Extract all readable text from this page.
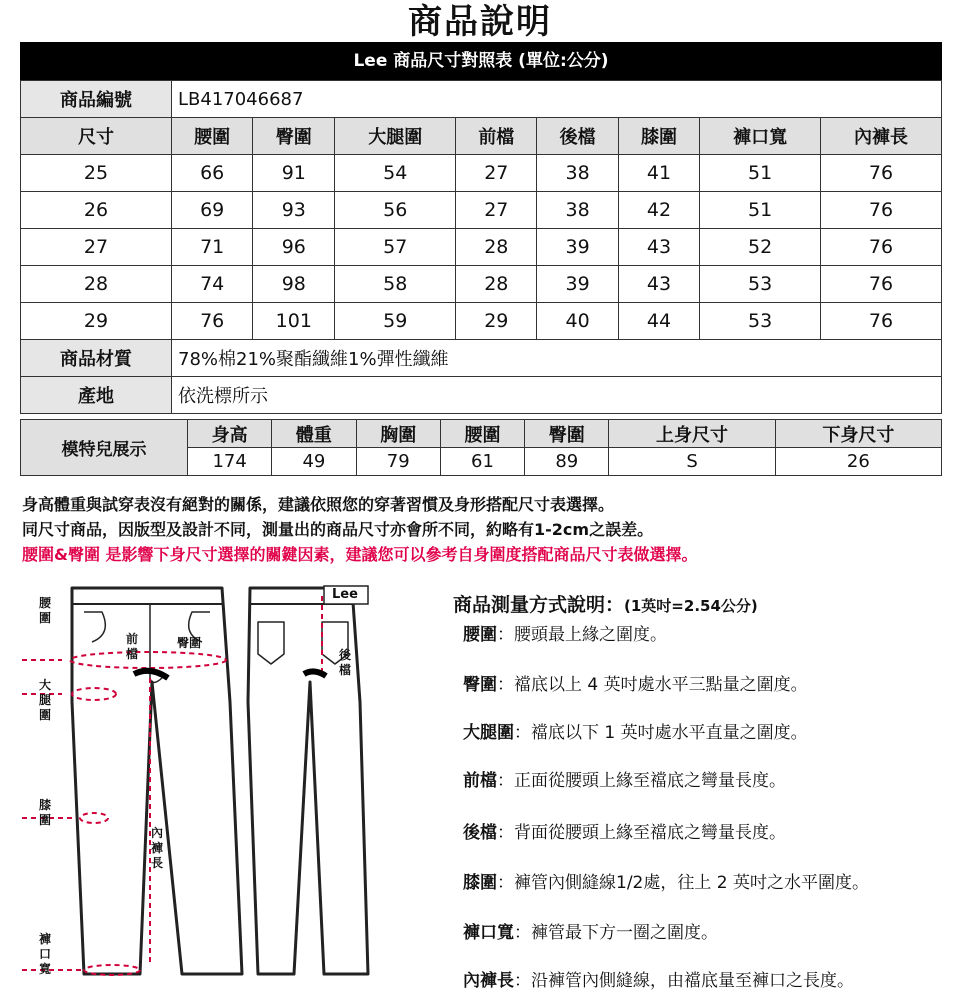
商品說明
Lee 商品尺寸對照表 (單位:公分)
商品編號	LB417046687							
尺寸	腰圍	臀圍	大腿圍	前檔	後檔	膝圍	褲口寬	內褲長
25	66	91	54	27	38	41	51	76
26	69	93	56	27	38	42	51	76
27	71	96	57	28	39	43	52	76
28	74	98	58	28	39	43	53	76
29	76	101	59	29	40	44	53	76
商品材質	78%棉21%聚酯纖維1%彈性纖維							
產地	依洗標所示							
模特兒展示	身高	體重	胸圍	腰圍	臀圍	上身尺寸	下身尺寸
	174	49	79	61	89	S	26
身高體重與試穿表沒有絕對的關係，建議依照您的穿著習慣及身形搭配尺寸表選擇。
同尺寸商品，因版型及設計不同，測量出的商品尺寸亦會所不同，約略有1-2cm之誤差。
腰圍&臀圍 是影響下身尺寸選擇的關鍵因素，建議您可以參考自身圍度搭配商品尺寸表做選擇。
腰圍
大腿圍
膝圍
褲口寬
前檔
臀圍
後檔
內褲長
Lee	商品測量方式說明：(1英吋=2.54公分)
腰圍：腰頭最上緣之圍度。
臀圍：襠底以上 4 英吋處水平三點量之圍度。
大腿圍：襠底以下 1 英吋處水平直量之圍度。
前檔：正面從腰頭上緣至襠底之彎量長度。
後檔：背面從腰頭上緣至襠底之彎量長度。
膝圍：褲管內側縫線1/2處，往上 2 英吋之水平圍度。
褲口寬：褲管最下方一圈之圍度。
內褲長：沿褲管內側縫線，由襠底量至褲口之長度。
